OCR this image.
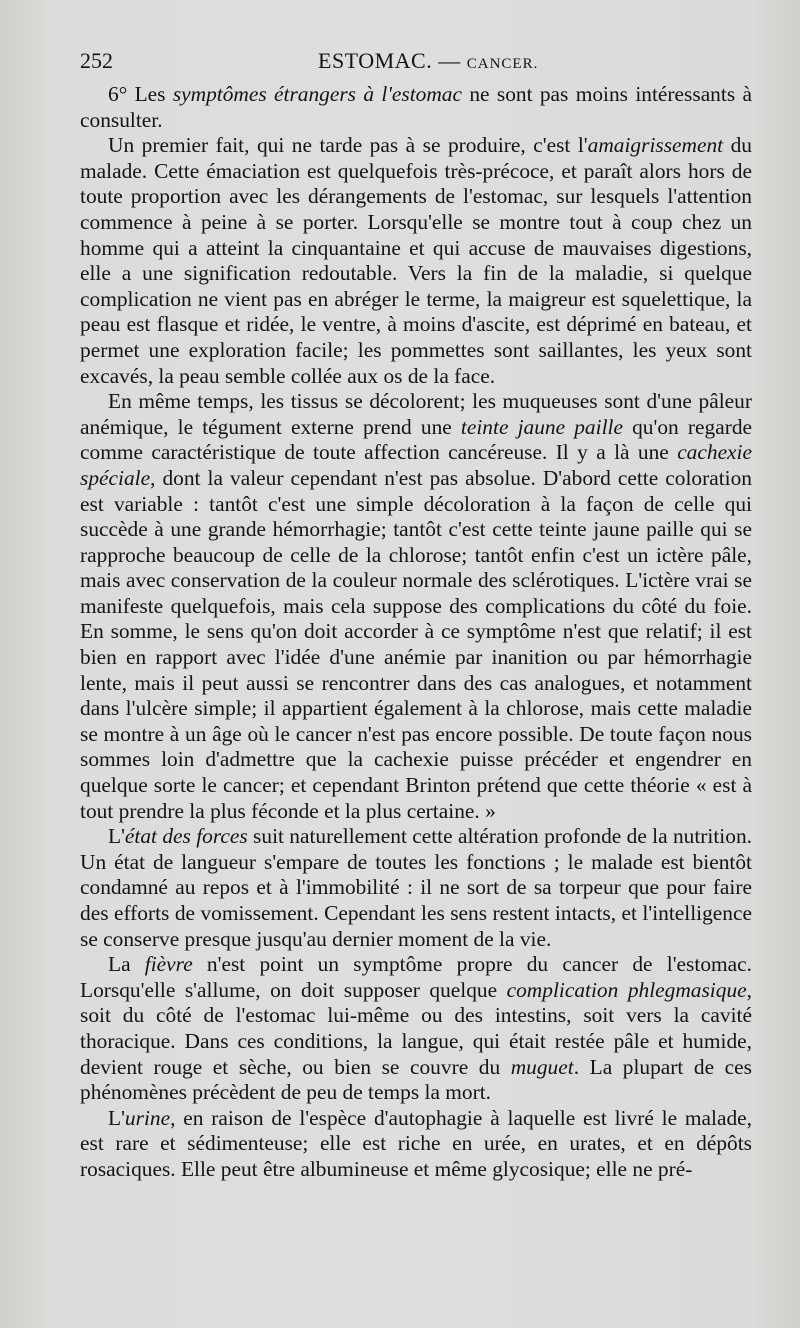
252	ESTOMAC. — CANCER.

6° Les symptômes étrangers à l'estomac ne sont pas moins intéressants à consulter.

Un premier fait, qui ne tarde pas à se produire, c'est l'amaigrissement du malade. Cette émaciation est quelquefois très-précoce, et paraît alors hors de toute proportion avec les dérangements de l'estomac, sur lesquels l'attention commence à peine à se porter. Lorsqu'elle se montre tout à coup chez un homme qui a atteint la cinquantaine et qui accuse de mauvaises digestions, elle a une signification redoutable. Vers la fin de la maladie, si quelque complication ne vient pas en abréger le terme, la maigreur est squelettique, la peau est flasque et ridée, le ventre, à moins d'ascite, est déprimé en bateau, et permet une exploration facile; les pommettes sont saillantes, les yeux sont excavés, la peau semble collée aux os de la face.

En même temps, les tissus se décolorent; les muqueuses sont d'une pâleur anémique, le tégument externe prend une teinte jaune paille qu'on regarde comme caractéristique de toute affection cancéreuse. Il y a là une cachexie spéciale, dont la valeur cependant n'est pas absolue. D'abord cette coloration est variable : tantôt c'est une simple décoloration à la façon de celle qui succède à une grande hémorrhagie; tantôt c'est cette teinte jaune paille qui se rapproche beaucoup de celle de la chlorose; tantôt enfin c'est un ictère pâle, mais avec conservation de la couleur normale des sclérotiques. L'ictère vrai se manifeste quelquefois, mais cela suppose des complications du côté du foie. En somme, le sens qu'on doit accorder à ce symptôme n'est que relatif; il est bien en rapport avec l'idée d'une anémie par inanition ou par hémorrhagie lente, mais il peut aussi se rencontrer dans des cas analogues, et notamment dans l'ulcère simple; il appartient également à la chlorose, mais cette maladie se montre à un âge où le cancer n'est pas encore possible. De toute façon nous sommes loin d'admettre que la cachexie puisse précéder et engendrer en quelque sorte le cancer; et cependant Brinton prétend que cette théorie « est à tout prendre la plus féconde et la plus certaine. »

L'état des forces suit naturellement cette altération profonde de la nutrition. Un état de langueur s'empare de toutes les fonctions ; le malade est bientôt condamné au repos et à l'immobilité : il ne sort de sa torpeur que pour faire des efforts de vomissement. Cependant les sens restent intacts, et l'intelligence se conserve presque jusqu'au dernier moment de la vie.

La fièvre n'est point un symptôme propre du cancer de l'estomac. Lorsqu'elle s'allume, on doit supposer quelque complication phlegmasique, soit du côté de l'estomac lui-même ou des intestins, soit vers la cavité thoracique. Dans ces conditions, la langue, qui était restée pâle et humide, devient rouge et sèche, ou bien se couvre du muguet. La plupart de ces phénomènes précèdent de peu de temps la mort.

L'urine, en raison de l'espèce d'autophagie à laquelle est livré le malade, est rare et sédimenteuse; elle est riche en urée, en urates, et en dépôts rosaciques. Elle peut être albumineuse et même glycosique; elle ne pré-
